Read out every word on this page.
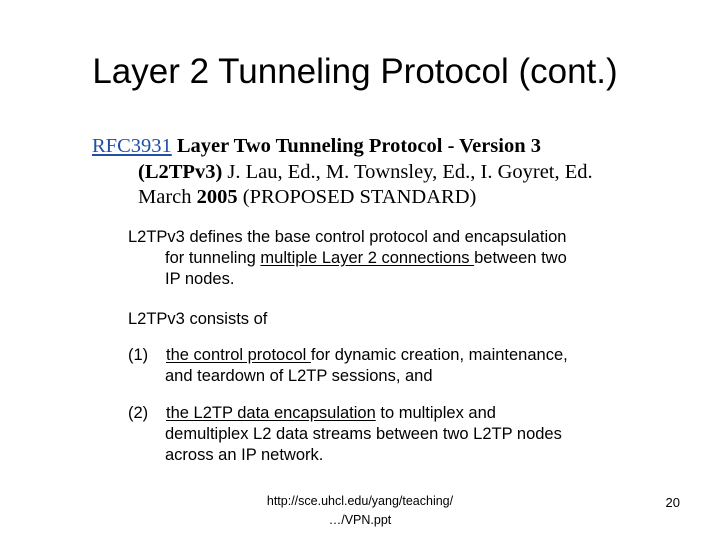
Layer 2 Tunneling Protocol (cont.)
RFC3931 Layer Two Tunneling Protocol - Version 3
(L2TPv3) J. Lau, Ed., M. Townsley, Ed., I. Goyret, Ed.
March 2005 (PROPOSED STANDARD)
L2TPv3 defines the base control protocol and encapsulation
for tunneling multiple Layer 2 connections between two
IP nodes.
L2TPv3 consists of
(1) the control protocol for dynamic creation, maintenance,
and teardown of L2TP sessions, and
(2) the L2TP data encapsulation to multiplex and
demultiplex L2 data streams between two L2TP nodes
across an IP network.
http://sce.uhcl.edu/yang/teaching/
…/VPN.ppt
20
